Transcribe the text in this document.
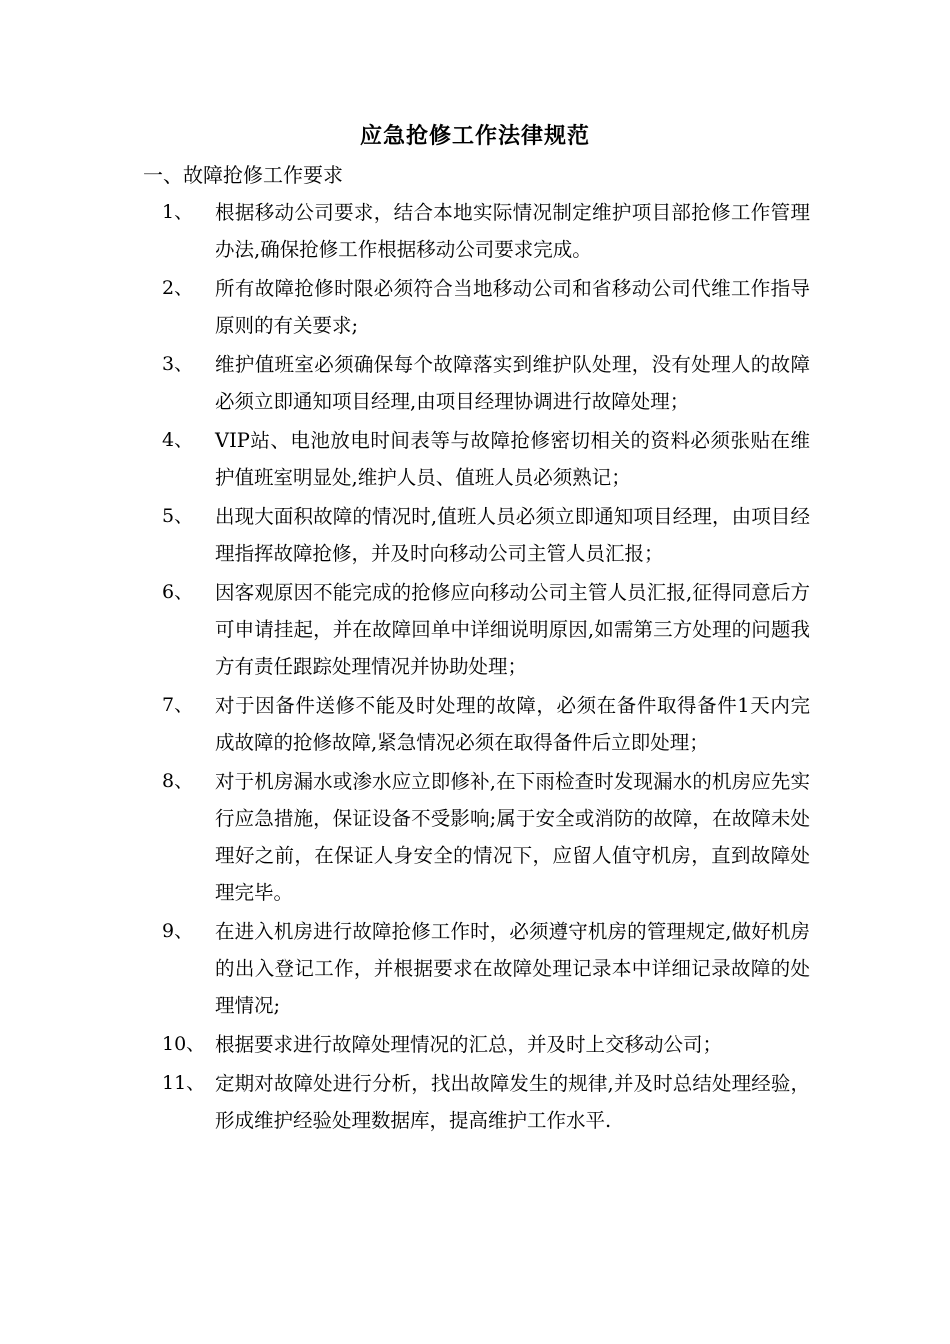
应急抢修工作法律规范
一、故障抢修工作要求
1、 根据移动公司要求，结合本地实际情况制定维护项目部抢修工作管理办法,确保抢修工作根据移动公司要求完成。
2、 所有故障抢修时限必须符合当地移动公司和省移动公司代维工作指导原则的有关要求;
3、 维护值班室必须确保每个故障落实到维护队处理，没有处理人的故障必须立即通知项目经理,由项目经理协调进行故障处理；
4、 VIP站、电池放电时间表等与故障抢修密切相关的资料必须张贴在维护值班室明显处,维护人员、值班人员必须熟记；
5、 出现大面积故障的情况时,值班人员必须立即通知项目经理，由项目经理指挥故障抢修，并及时向移动公司主管人员汇报；
6、 因客观原因不能完成的抢修应向移动公司主管人员汇报,征得同意后方可申请挂起，并在故障回单中详细说明原因,如需第三方处理的问题我方有责任跟踪处理情况并协助处理；
7、 对于因备件送修不能及时处理的故障，必须在备件取得备件1天内完成故障的抢修故障,紧急情况必须在取得备件后立即处理；
8、 对于机房漏水或渗水应立即修补,在下雨检查时发现漏水的机房应先实行应急措施，保证设备不受影响;属于安全或消防的故障，在故障未处理好之前，在保证人身安全的情况下，应留人值守机房，直到故障处理完毕。
9、 在进入机房进行故障抢修工作时，必须遵守机房的管理规定,做好机房的出入登记工作，并根据要求在故障处理记录本中详细记录故障的处理情况;
10、 根据要求进行故障处理情况的汇总，并及时上交移动公司；
11、 定期对故障处进行分析，找出故障发生的规律,并及时总结处理经验，形成维护经验处理数据库，提高维护工作水平.
